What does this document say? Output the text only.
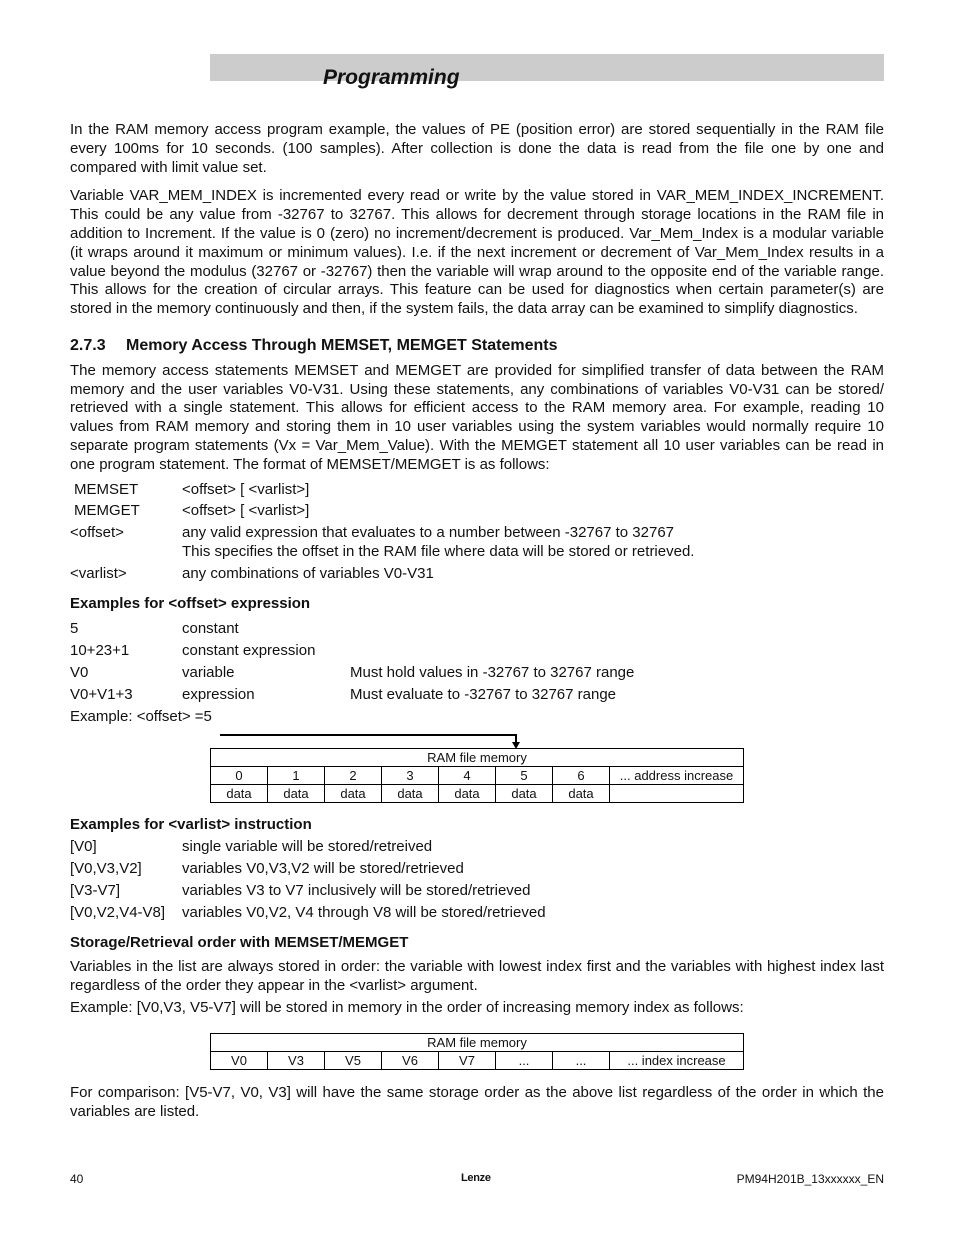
Programming

In the RAM memory access program example, the values of PE (position error) are stored sequentially in the RAM file every 100ms for 10 seconds. (100 samples). After collection is done the data is read from the file one by one and compared with limit value set.

Variable VAR_MEM_INDEX is incremented every read or write by the value stored in VAR_MEM_INDEX_INCREMENT. This could be any value from -32767 to 32767. This allows for decrement through storage locations in the RAM file in addition to Increment. If the value is 0 (zero) no increment/decrement is produced. Var_Mem_Index is a modular variable (it wraps around it maximum or minimum values). I.e. if the next increment or decrement of Var_Mem_Index results in a value beyond the modulus (32767 or -32767) then the variable will wrap around to the opposite end of the variable range. This allows for the creation of circular arrays. This feature can be used for diagnostics when certain parameter(s) are stored in the memory continuously and then, if the system fails, the data array can be examined to simplify diagnostics.

2.7.3 Memory Access Through MEMSET, MEMGET Statements

The memory access statements MEMSET and MEMGET are provided for simplified transfer of data between the RAM memory and the user variables V0-V31. Using these statements, any combinations of variables V0-V31 can be stored/ retrieved with a single statement. This allows for efficient access to the RAM memory area. For example, reading 10 values from RAM memory and storing them in 10 user variables using the system variables would normally require 10 separate program statements (Vx = Var_Mem_Value). With the MEMGET statement all 10 user variables can be read in one program statement. The format of MEMSET/MEMGET is as follows:

MEMSET	<offset> [ <varlist>]
MEMGET	<offset> [ <varlist>]
<offset>	any valid expression that evaluates to a number between -32767 to 32767
This specifies the offset in the RAM file where data will be stored or retrieved.
<varlist>	any combinations of variables V0-V31
Examples for <offset> expression
5	constant
10+23+1	constant expression
V0	variable	Must hold values in -32767 to 32767 range
V0+V1+3	expression	Must evaluate to -32767 to 32767 range
Example: <offset> =5
RAM file memory							
0	1	2	3	4	5	6	... address increase
data	data	data	data	data	data	data	
Examples for <varlist> instruction
[V0]	single variable will be stored/retreived
[V0,V3,V2]	variables V0,V3,V2 will be stored/retrieved
[V3-V7]	variables V3 to V7 inclusively will be stored/retrieved
[V0,V2,V4-V8]	variables V0,V2, V4 through V8 will be stored/retrieved
Storage/Retrieval order with MEMSET/MEMGET

Variables in the list are always stored in order: the variable with lowest index first and the variables with highest index last regardless of the order they appear in the <varlist> argument.

Example: [V0,V3, V5-V7] will be stored in memory in the order of increasing memory index as follows:

RAM file memory
V0	V3	V5	V6	V7	...	...	... index increase

For comparison: [V5-V7, V0, V3] will have the same storage order as the above list regardless of the order in which the variables are listed.

40	Lenze	PM94H201B_13xxxxxx_EN
